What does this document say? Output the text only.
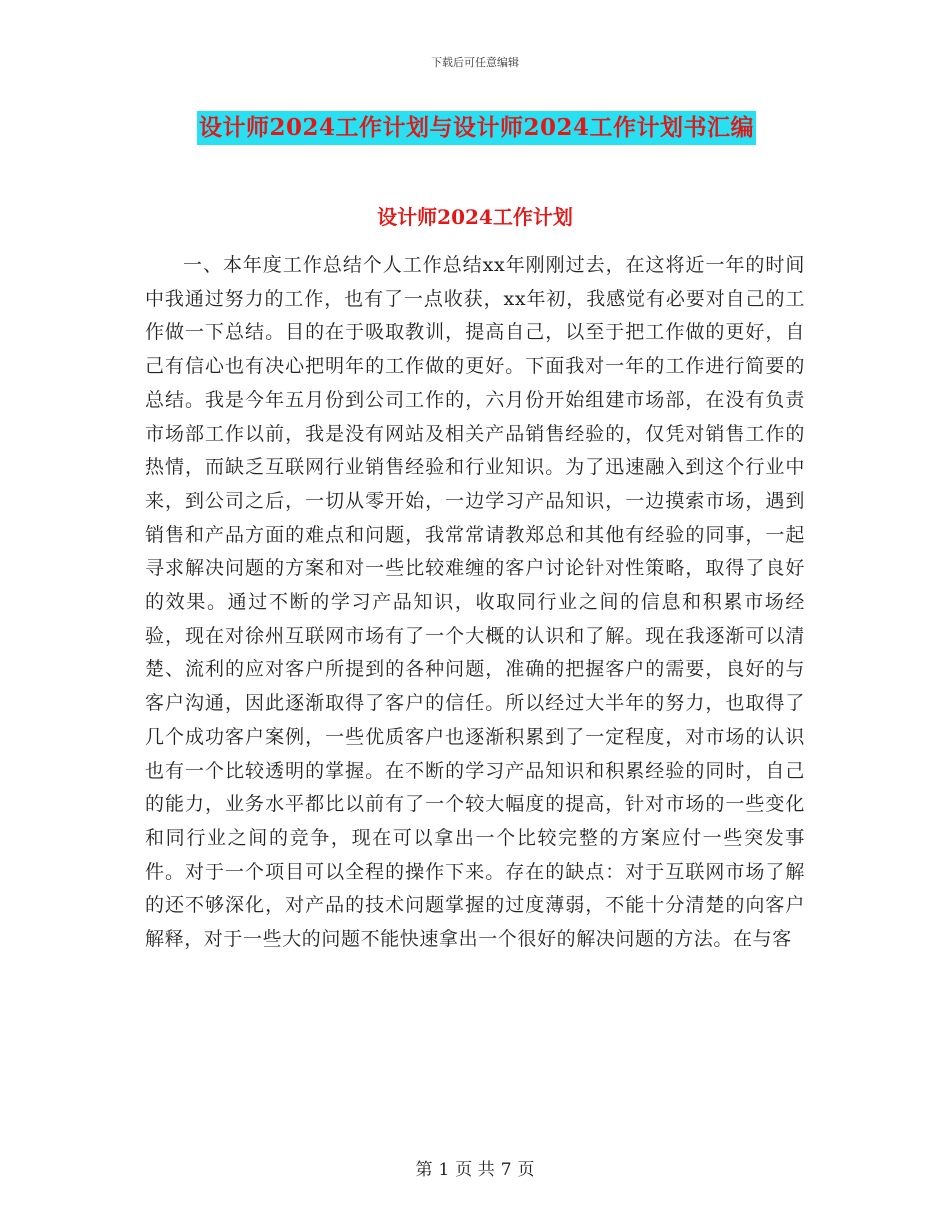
下载后可任意编辑
设计师2024工作计划与设计师2024工作计划书汇编
设计师2024工作计划

一、本年度工作总结个人工作总结xx年刚刚过去，在这将近一年的时间中我通过努力的工作，也有了一点收获，xx年初，我感觉有必要对自己的工作做一下总结。目的在于吸取教训，提高自己，以至于把工作做的更好，自己有信心也有决心把明年的工作做的更好。下面我对一年的工作进行简要的总结。我是今年五月份到公司工作的，六月份开始组建市场部，在没有负责市场部工作以前，我是没有网站及相关产品销售经验的，仅凭对销售工作的热情，而缺乏互联网行业销售经验和行业知识。为了迅速融入到这个行业中来，到公司之后，一切从零开始，一边学习产品知识，一边摸索市场，遇到销售和产品方面的难点和问题，我常常请教郑总和其他有经验的同事，一起寻求解决问题的方案和对一些比较难缠的客户讨论针对性策略，取得了良好的效果。通过不断的学习产品知识，收取同行业之间的信息和积累市场经验，现在对徐州互联网市场有了一个大概的认识和了解。现在我逐渐可以清楚、流利的应对客户所提到的各种问题，准确的把握客户的需要，良好的与客户沟通，因此逐渐取得了客户的信任。所以经过大半年的努力，也取得了几个成功客户案例，一些优质客户也逐渐积累到了一定程度，对市场的认识也有一个比较透明的掌握。在不断的学习产品知识和积累经验的同时，自己的能力，业务水平都比以前有了一个较大幅度的提高，针对市场的一些变化和同行业之间的竞争，现在可以拿出一个比较完整的方案应付一些突发事件。对于一个项目可以全程的操作下来。存在的缺点：对于互联网市场了解的还不够深化，对产品的技术问题掌握的过度薄弱，不能十分清楚的向客户解释，对于一些大的问题不能快速拿出一个很好的解决问题的方法。在与客

第 1 页 共 7 页
